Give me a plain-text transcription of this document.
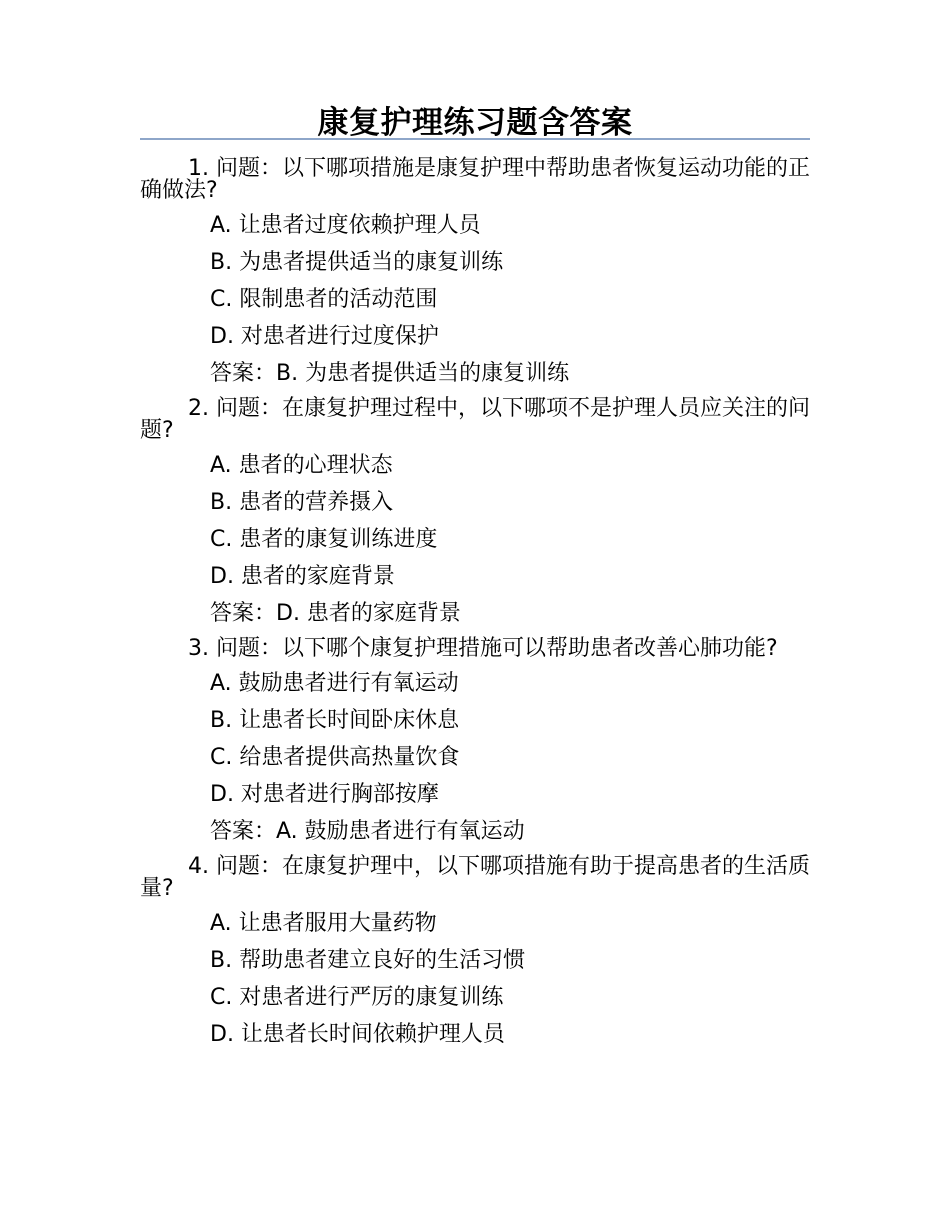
康复护理练习题含答案

1. 问题：以下哪项措施是康复护理中帮助患者恢复运动功能的正确做法?

A. 让患者过度依赖护理人员
B. 为患者提供适当的康复训练
C. 限制患者的活动范围
D. 对患者进行过度保护
答案：B. 为患者提供适当的康复训练

2. 问题：在康复护理过程中，以下哪项不是护理人员应关注的问题?

A. 患者的心理状态
B. 患者的营养摄入
C. 患者的康复训练进度
D. 患者的家庭背景
答案：D. 患者的家庭背景

3. 问题：以下哪个康复护理措施可以帮助患者改善心肺功能?

A. 鼓励患者进行有氧运动
B. 让患者长时间卧床休息
C. 给患者提供高热量饮食
D. 对患者进行胸部按摩
答案：A. 鼓励患者进行有氧运动

4. 问题：在康复护理中，以下哪项措施有助于提高患者的生活质量?

A. 让患者服用大量药物
B. 帮助患者建立良好的生活习惯
C. 对患者进行严厉的康复训练
D. 让患者长时间依赖护理人员
